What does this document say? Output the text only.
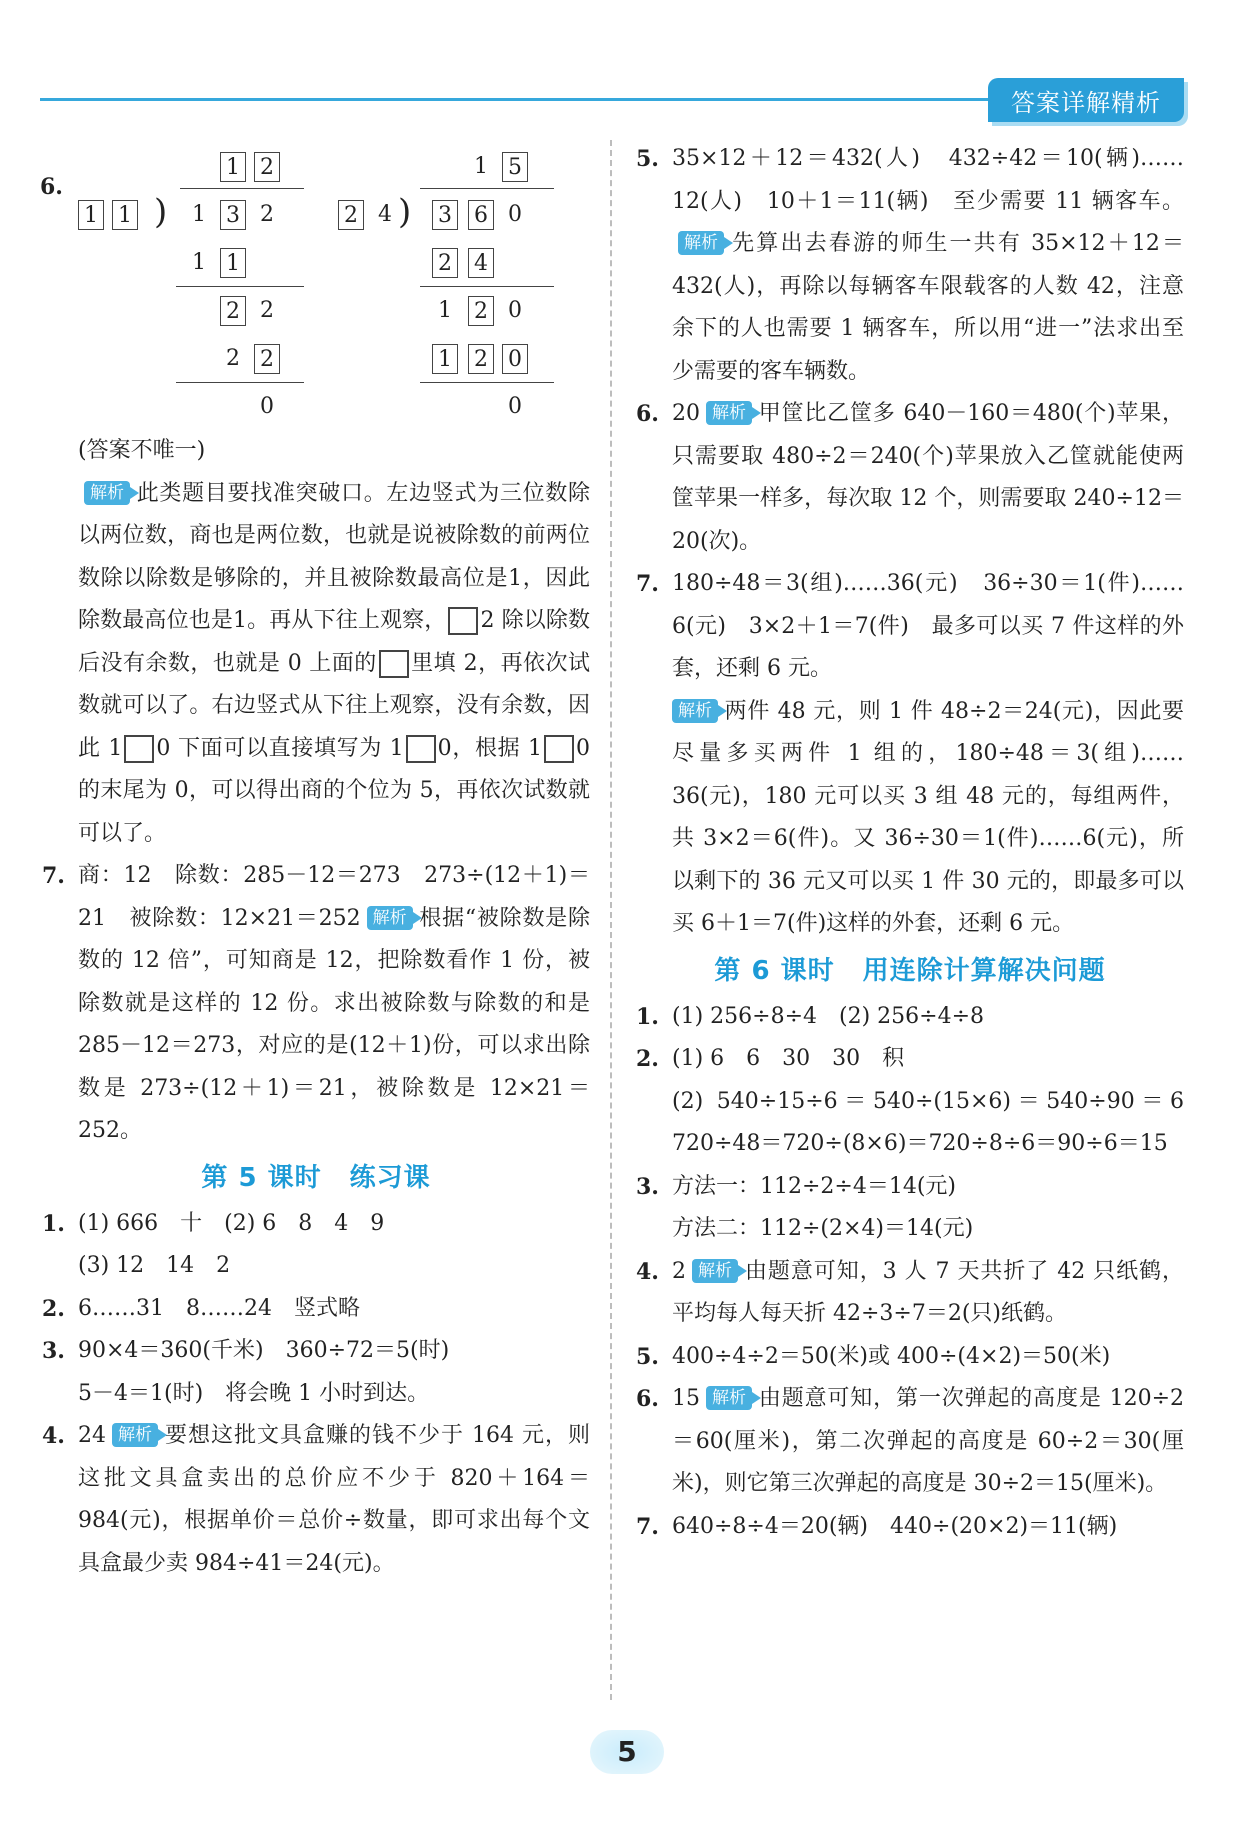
答案详解精析
6.
1 2
1 1 ) 1 3 2
1 1
2 2
2 2
0
1 5
2 4 ) 3 6 0
2 4
1 2 0
1 2 0
0
(答案不唯一)
解析 此类题目要找准突破口。左边竖式为三位数除以两位数，商也是两位数，也就是说被除数的前两位数除以除数是够除的，并且被除数最高位是1，因此除数最高位也是1。再从下往上观察， 2 除以除数后没有余数，也就是 0 上面的 里填 2，再依次试数就可以了。右边竖式从下往上观察，没有余数，因此 1 0 下面可以直接填写为 1 0，根据 1 0 的末尾为 0，可以得出商的个位为 5，再依次试数就可以了。
7. 商：12　除数：285－12＝273　273÷(12＋1)＝21　被除数：12×21＝252 解析 根据“被除数是除数的 12 倍”，可知商是 12，把除数看作 1 份，被除数就是这样的 12 份。求出被除数与除数的和是 285－12＝273，对应的是(12＋1)份，可以求出除数是 273÷(12＋1)＝21，被除数是 12×21＝252。
第 5 课时 练习课
1. (1) 666　十　(2) 6　8　4　9
(3) 12　14　2
2. 6……31　8……24　竖式略
3. 90×4＝360(千米)　360÷72＝5(时)
5－4＝1(时)　将会晚 1 小时到达。
4. 24 解析 要想这批文具盒赚的钱不少于 164 元，则这批文具盒卖出的总价应不少于 820＋164＝984(元)，根据单价＝总价÷数量，即可求出每个文具盒最少卖 984÷41＝24(元)。
5. 35×12＋12＝432(人)　432÷42＝10(辆)……12(人)　10＋1＝11(辆)　至少需要 11 辆客车。解析 先算出去春游的师生一共有 35×12＋12＝432(人)，再除以每辆客车限载客的人数 42，注意余下的人也需要 1 辆客车，所以用“进一”法求出至少需要的客车辆数。
6. 20 解析 甲筐比乙筐多 640－160＝480(个)苹果，只需要取 480÷2＝240(个)苹果放入乙筐就能使两筐苹果一样多，每次取 12 个，则需要取 240÷12＝20(次)。
7. 180÷48＝3(组)……36(元)　36÷30＝1(件)……6(元)　3×2＋1＝7(件)　最多可以买 7 件这样的外套，还剩 6 元。
解析 两件 48 元，则 1 件 48÷2＝24(元)，因此要尽量多买两件 1 组的，180÷48＝3(组)……36(元)，180 元可以买 3 组 48 元的，每组两件，共 3×2＝6(件)。又 36÷30＝1(件)……6(元)，所以剩下的 36 元又可以买 1 件 30 元的，即最多可以买 6＋1＝7(件)这样的外套，还剩 6 元。
第 6 课时 用连除计算解决问题
1. (1) 256÷8÷4　(2) 256÷4÷8
2. (1) 6　6　30　30　积
(2) 540÷15÷6＝540÷(15×6)＝540÷90＝6　720÷48＝720÷(8×6)＝720÷8÷6＝90÷6＝15
3. 方法一：112÷2÷4＝14(元)
方法二：112÷(2×4)＝14(元)
4. 2 解析 由题意可知，3 人 7 天共折了 42 只纸鹤，平均每人每天折 42÷3÷7＝2(只)纸鹤。
5. 400÷4÷2＝50(米)或 400÷(4×2)＝50(米)
6. 15 解析 由题意可知，第一次弹起的高度是 120÷2＝60(厘米)，第二次弹起的高度是 60÷2＝30(厘米)，则它第三次弹起的高度是 30÷2＝15(厘米)。
7. 640÷8÷4＝20(辆)　440÷(20×2)＝11(辆)
5
